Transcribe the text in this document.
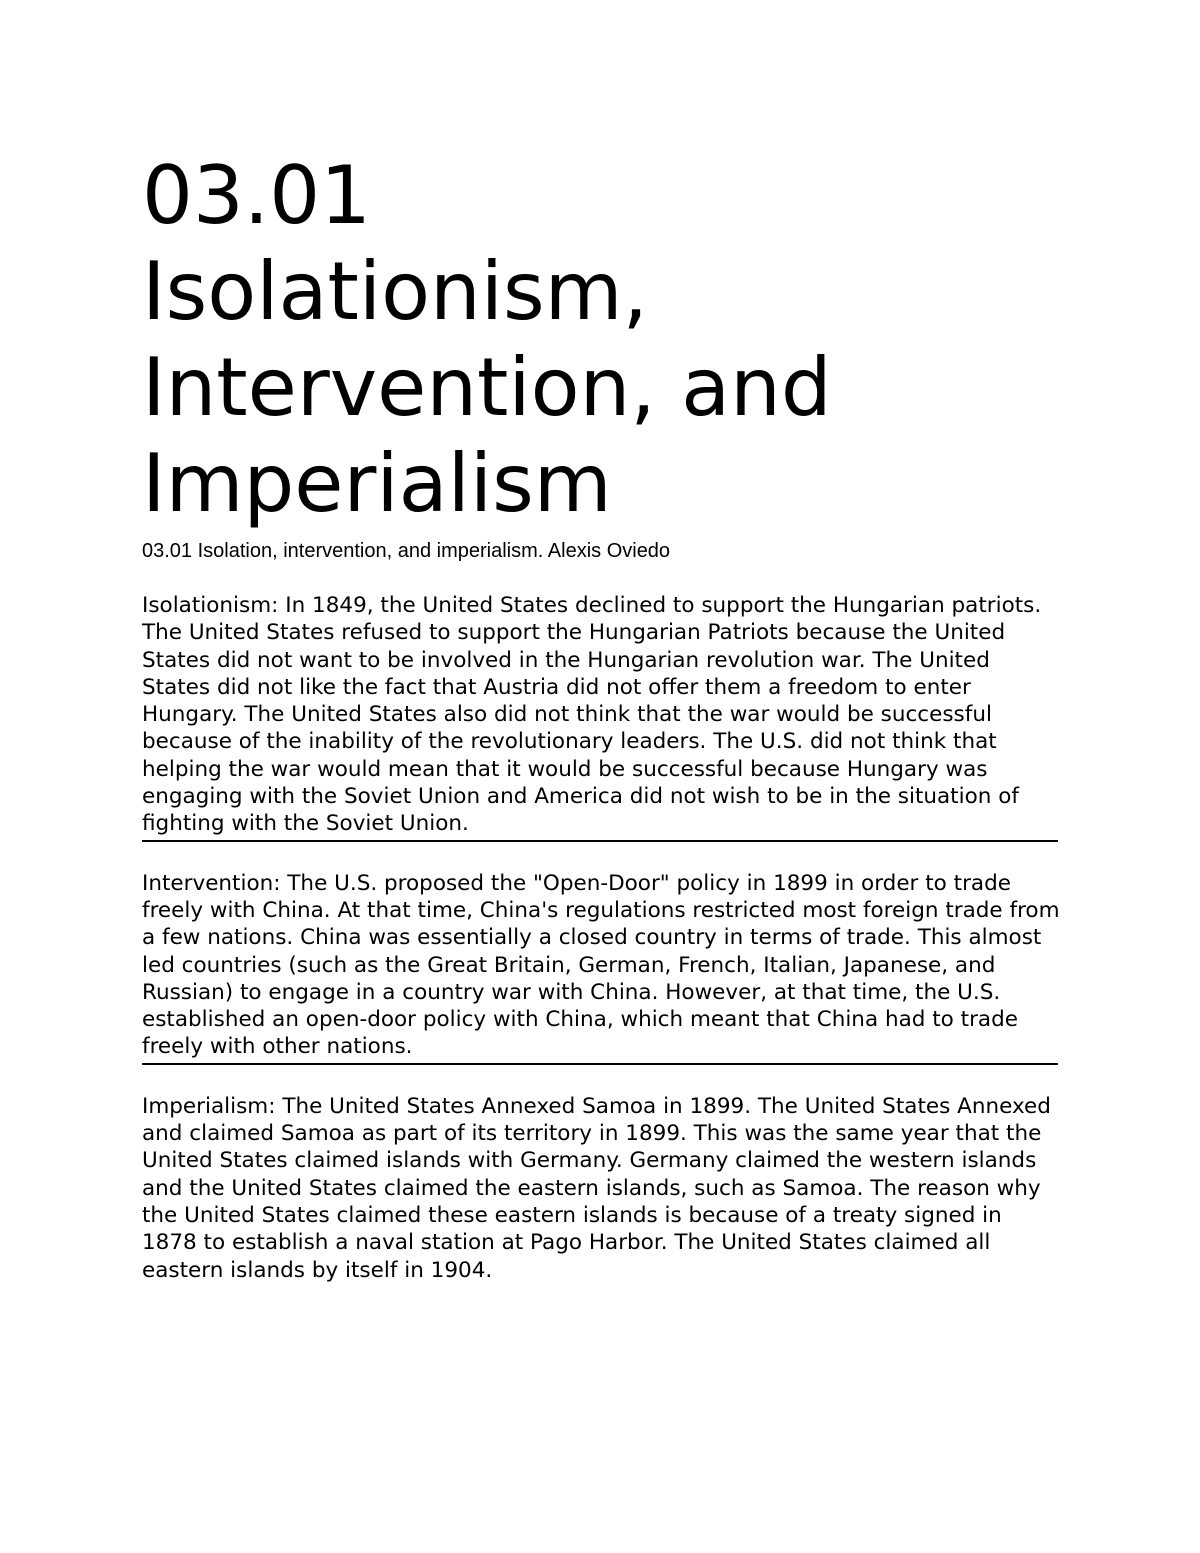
03.01
Isolationism,
Intervention, and
Imperialism

03.01 Isolation, intervention, and imperialism. Alexis Oviedo

Isolationism: In 1849, the United States declined to support the Hungarian patriots. The United States refused to support the Hungarian Patriots because the United States did not want to be involved in the Hungarian revolution war. The United States did not like the fact that Austria did not offer them a freedom to enter Hungary. The United States also did not think that the war would be successful because of the inability of the revolutionary leaders. The U.S. did not think that helping the war would mean that it would be successful because Hungary was engaging with the Soviet Union and America did not wish to be in the situation of fighting with the Soviet Union.

Intervention: The U.S. proposed the "Open-Door" policy in 1899 in order to trade freely with China. At that time, China's regulations restricted most foreign trade from a few nations. China was essentially a closed country in terms of trade. This almost led countries (such as the Great Britain, German, French, Italian, Japanese, and Russian) to engage in a country war with China. However, at that time, the U.S. established an open-door policy with China, which meant that China had to trade freely with other nations.

Imperialism: The United States Annexed Samoa in 1899. The United States Annexed and claimed Samoa as part of its territory in 1899. This was the same year that the United States claimed islands with Germany. Germany claimed the western islands and the United States claimed the eastern islands, such as Samoa. The reason why the United States claimed these eastern islands is because of a treaty signed in 1878 to establish a naval station at Pago Harbor. The United States claimed all eastern islands by itself in 1904.
